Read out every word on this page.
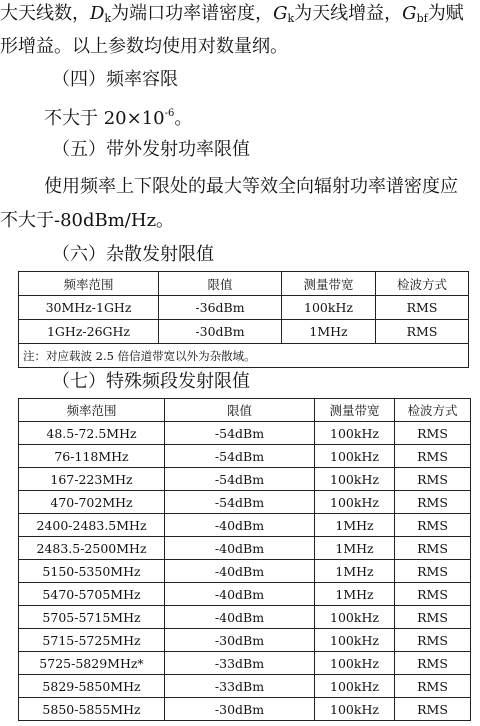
大天线数，$D_k$为端口功率谱密度，$G_k$为天线增益，$G_{bf}$为赋
形增益。以上参数均使用对数量纲。
（四）频率容限
不大于 $20\times 10^{-6}$。
（五）带外发射功率限值
使用频率上下限处的最大等效全向辐射功率谱密度应
不大于-80dBm/Hz。
（六）杂散发射限值
频率范围	限值	测量带宽	检波方式
30MHz-1GHz	-36dBm	100kHz	RMS
1GHz-26GHz	-30dBm	1MHz	RMS
注：对应载波 2.5 倍信道带宽以外为杂散域。			
（七）特殊频段发射限值
频率范围	限值	测量带宽	检波方式
48.5-72.5MHz	-54dBm	100kHz	RMS
76-118MHz	-54dBm	100kHz	RMS
167-223MHz	-54dBm	100kHz	RMS
470-702MHz	-54dBm	100kHz	RMS
2400-2483.5MHz	-40dBm	1MHz	RMS
2483.5-2500MHz	-40dBm	1MHz	RMS
5150-5350MHz	-40dBm	1MHz	RMS
5470-5705MHz	-40dBm	1MHz	RMS
5705-5715MHz	-40dBm	100kHz	RMS
5715-5725MHz	-30dBm	100kHz	RMS
5725-5829MHz*	-33dBm	100kHz	RMS
5829-5850MHz	-33dBm	100kHz	RMS
5850-5855MHz	-30dBm	100kHz	RMS
